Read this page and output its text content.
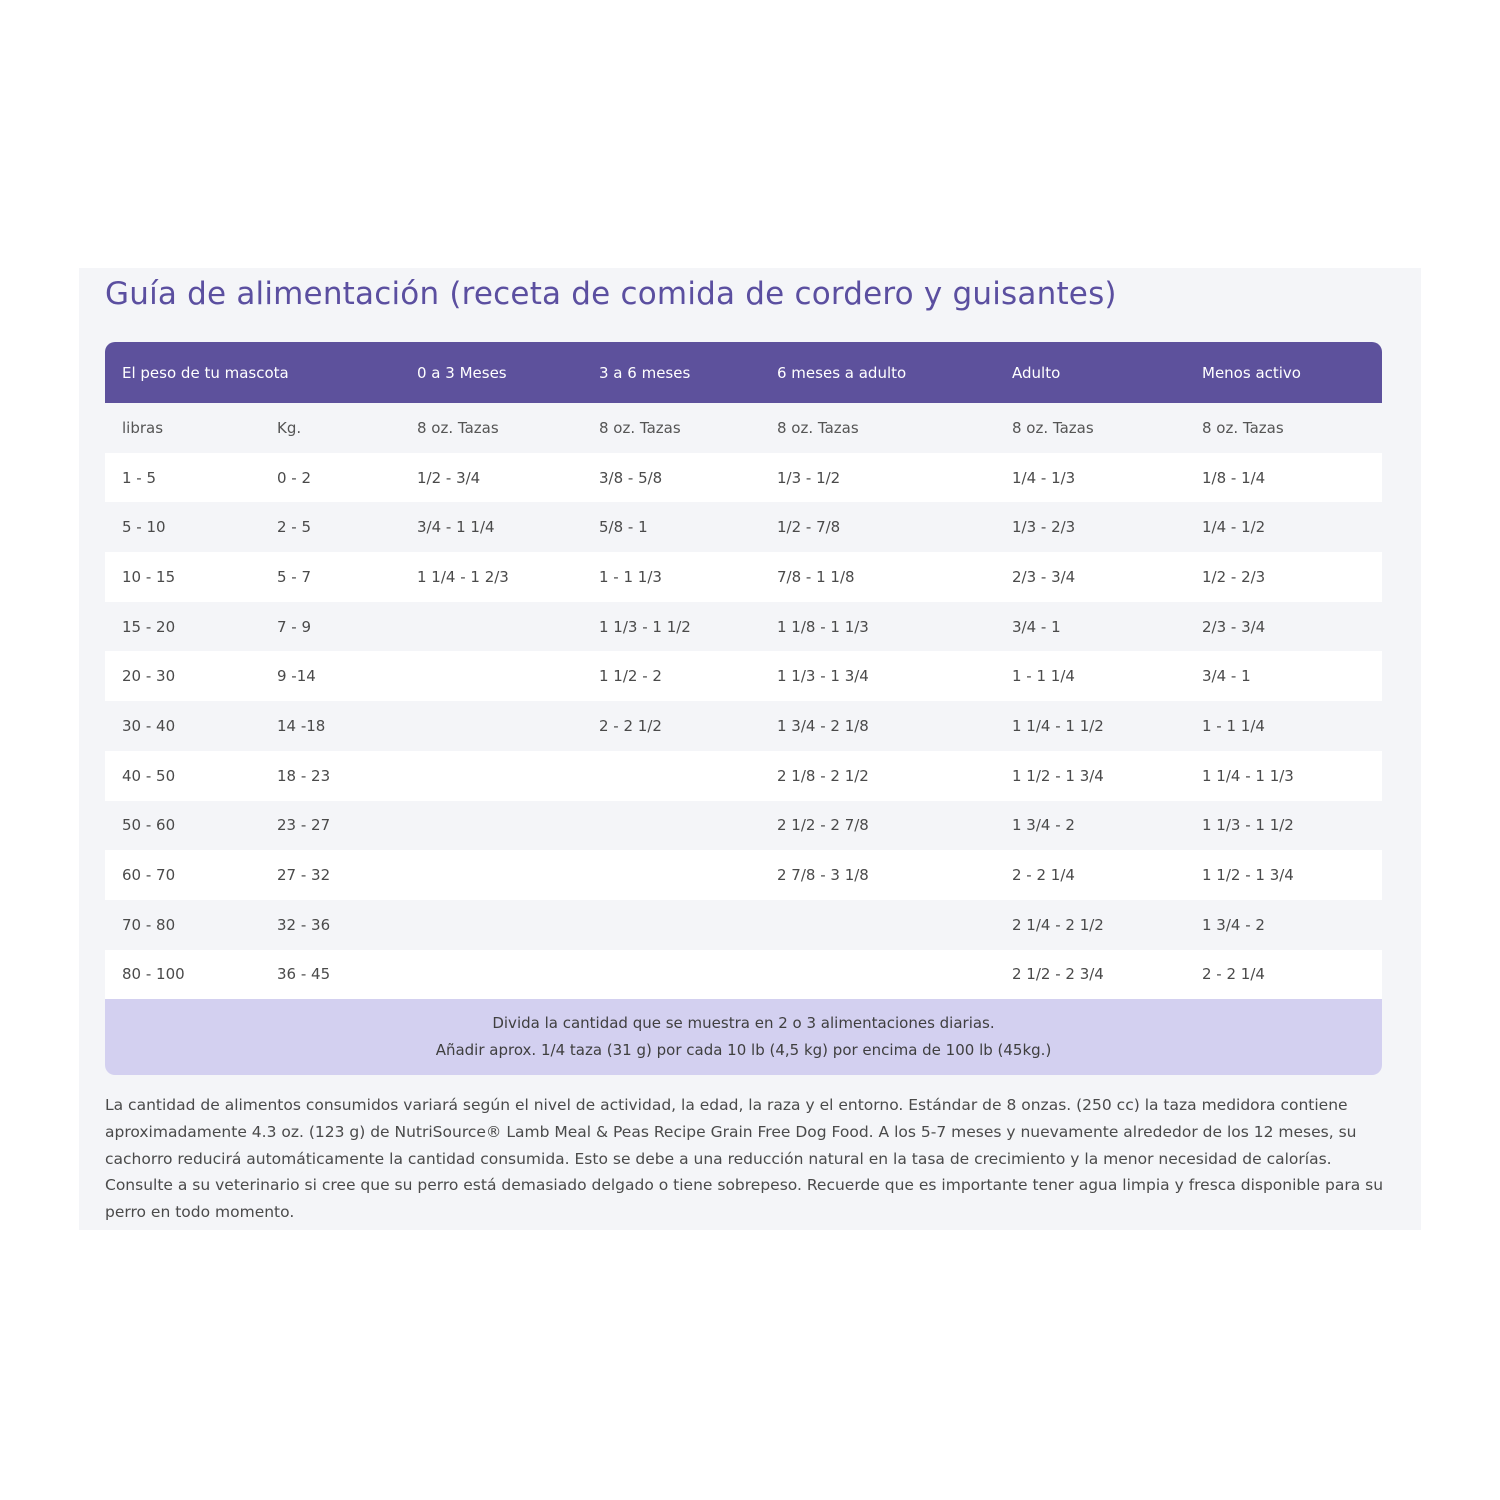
Guía de alimentación (receta de comida de cordero y guisantes)
El peso de tu mascota		0 a 3 Meses	3 a 6 meses	6 meses a adulto	Adulto	Menos activo
libras	Kg.	8 oz. Tazas	8 oz. Tazas	8 oz. Tazas	8 oz. Tazas	8 oz. Tazas
1 - 5	0 - 2	1/2 - 3/4	3/8 - 5/8	1/3 - 1/2	1/4 - 1/3	1/8 - 1/4
5 - 10	2 - 5	3/4 - 1 1/4	5/8 - 1	1/2 - 7/8	1/3 - 2/3	1/4 - 1/2
10 - 15	5 - 7	1 1/4 - 1 2/3	1 - 1 1/3	7/8 - 1 1/8	2/3 - 3/4	1/2 - 2/3
15 - 20	7 - 9		1 1/3 - 1 1/2	1 1/8 - 1 1/3	3/4 - 1	2/3 - 3/4
20 - 30	9 -14		1 1/2 - 2	1 1/3 - 1 3/4	1 - 1 1/4	3/4 - 1
30 - 40	14 -18		2 - 2 1/2	1 3/4 - 2 1/8	1 1/4 - 1 1/2	1 - 1 1/4
40 - 50	18 - 23			2 1/8 - 2 1/2	1 1/2 - 1 3/4	1 1/4 - 1 1/3
50 - 60	23 - 27			2 1/2 - 2 7/8	1 3/4 - 2	1 1/3 - 1 1/2
60 - 70	27 - 32			2 7/8 - 3 1/8	2 - 2 1/4	1 1/2 - 1 3/4
70 - 80	32 - 36				2 1/4 - 2 1/2	1 3/4 - 2
80 - 100	36 - 45				2 1/2 - 2 3/4	2 - 2 1/4
Divida la cantidad que se muestra en 2 o 3 alimentaciones diarias.
Añadir aprox. 1/4 taza (31 g) por cada 10 lb (4,5 kg) por encima de 100 lb (45kg.)

La cantidad de alimentos consumidos variará según el nivel de actividad, la edad, la raza y el entorno. Estándar de 8 onzas. (250 cc) la taza medidora contiene aproximadamente 4.3 oz. (123 g) de NutriSource® Lamb Meal & Peas Recipe Grain Free Dog Food. A los 5-7 meses y nuevamente alrededor de los 12 meses, su cachorro reducirá automáticamente la cantidad consumida. Esto se debe a una reducción natural en la tasa de crecimiento y la menor necesidad de calorías. Consulte a su veterinario si cree que su perro está demasiado delgado o tiene sobrepeso. Recuerde que es importante tener agua limpia y fresca disponible para su perro en todo momento.
